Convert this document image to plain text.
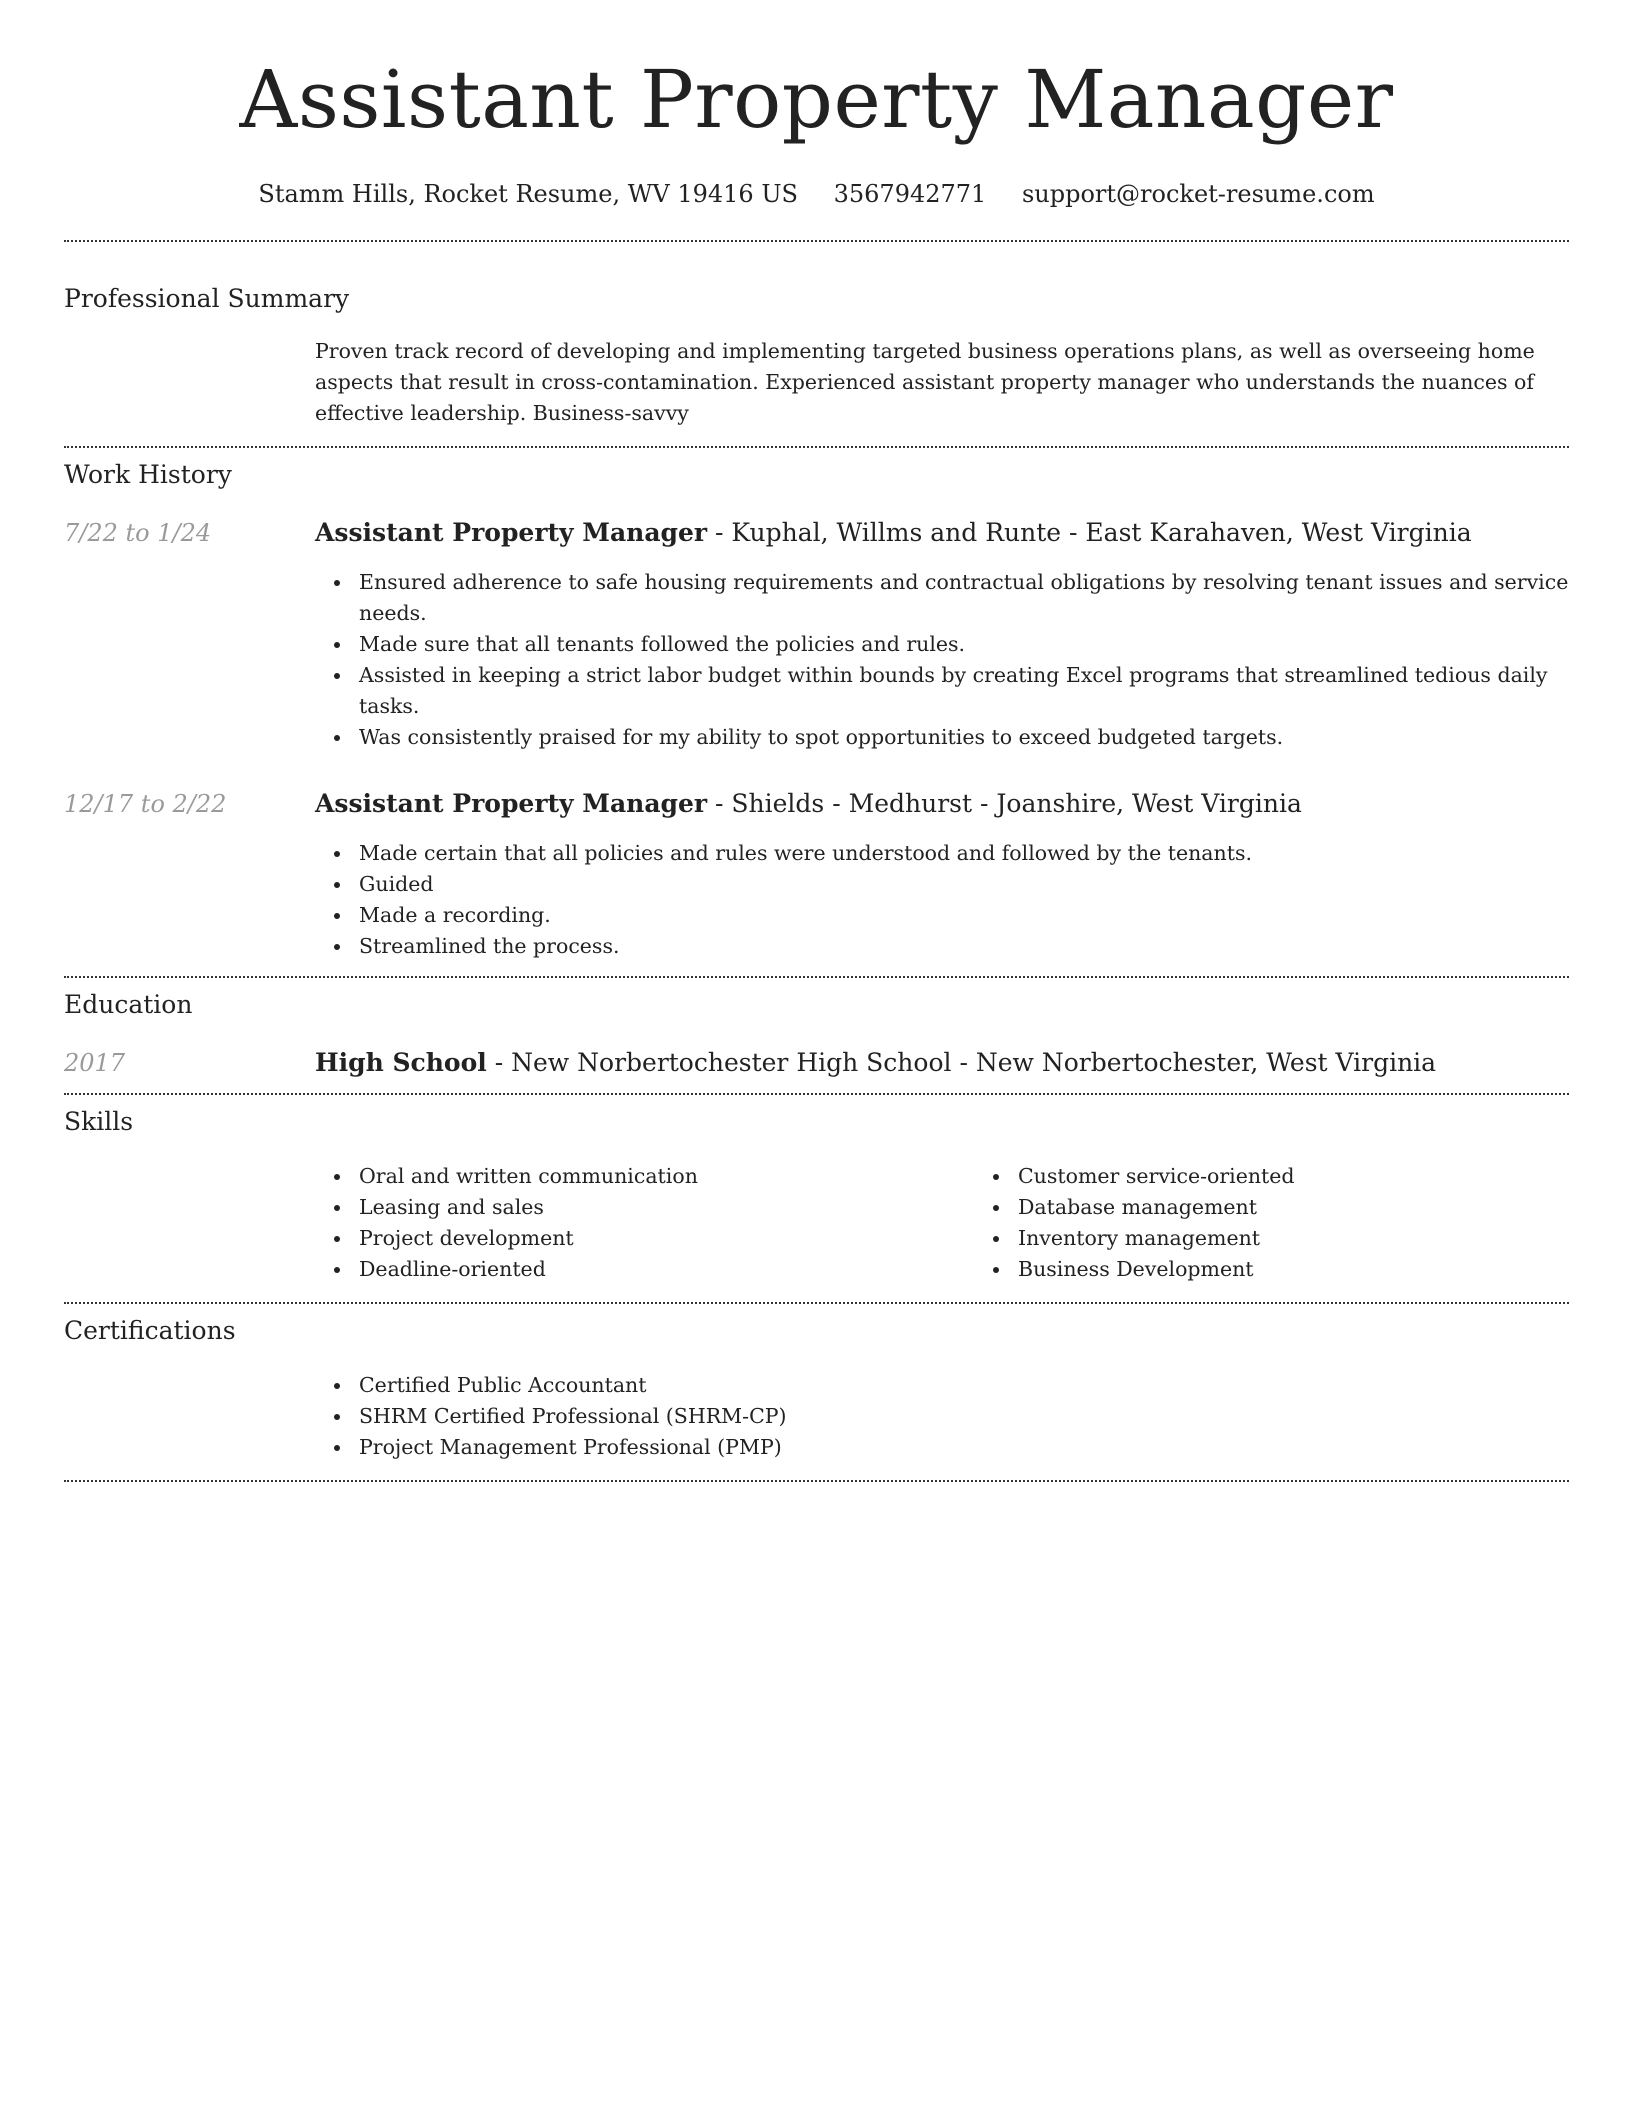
Assistant Property Manager
Stamm Hills, Rocket Resume, WV 19416 US 3567942771 support@rocket-resume.com
Professional Summary
Proven track record of developing and implementing targeted business operations plans, as well as overseeing home aspects that result in cross-contamination. Experienced assistant property manager who understands the nuances of effective leadership. Business-savvy
Work History
7/22 to 1/24	Assistant Property Manager - Kuphal, Willms and Runte - East Karahaven, West Virginia
Ensured adherence to safe housing requirements and contractual obligations by resolving tenant issues and service needs.
Made sure that all tenants followed the policies and rules.
Assisted in keeping a strict labor budget within bounds by creating Excel programs that streamlined tedious daily tasks.
Was consistently praised for my ability to spot opportunities to exceed budgeted targets.
12/17 to 2/22	Assistant Property Manager - Shields - Medhurst - Joanshire, West Virginia
Made certain that all policies and rules were understood and followed by the tenants.
Guided
Made a recording.
Streamlined the process.
Education
2017	High School - New Norbertochester High School - New Norbertochester, West Virginia
Skills
Oral and written communication
Leasing and sales
Project development
Deadline-oriented
Customer service-oriented
Database management
Inventory management
Business Development
Certifications
Certified Public Accountant
SHRM Certified Professional (SHRM-CP)
Project Management Professional (PMP)
